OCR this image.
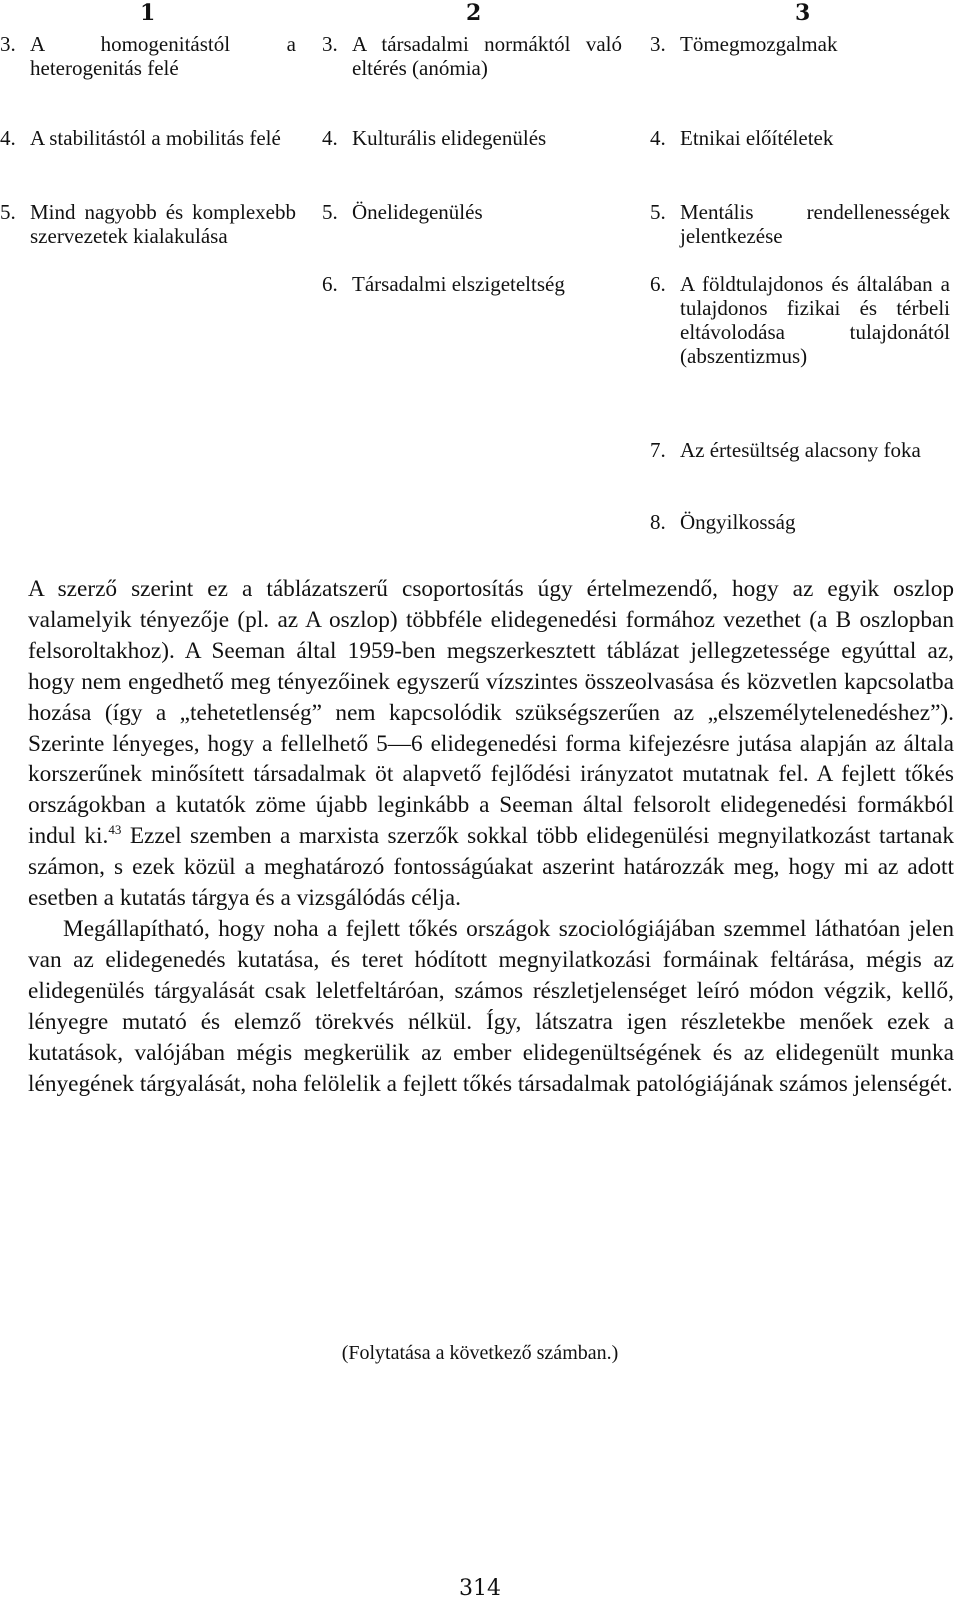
1	2	3
3. A homogenitástól a heterogenitás felé
4. A stabilitástól a mobilitás felé
5. Mind nagyobb és komplexebb szervezetek kialakulása
3. A társadalmi normáktól való eltérés (anómia)
4. Kulturális elidegenülés
5. Önelidegenülés
6. Társadalmi elszigeteltség
3. Tömegmozgalmak
4. Etnikai előítéletek
5. Mentális rendellenességek jelentkezése
6. A földtulajdonos és általában a tulajdonos fizikai és térbeli eltávolodása tulajdonától (abszentizmus)
7. Az értesültség alacsony foka
8. Öngyilkosság

A szerző szerint ez a táblázatszerű csoportosítás úgy értelmezendő, hogy az egyik oszlop valamelyik tényezője (pl. az A oszlop) többféle elidegenedési formához vezethet (a B oszlopban felsoroltakhoz). A Seeman által 1959-ben megszerkesztett táblázat jellegzetessége egyúttal az, hogy nem engedhető meg tényezőinek egyszerű vízszintes összeolvasása és közvetlen kapcsolatba hozása (így a „tehetetlenség” nem kapcsolódik szükségszerűen az „elszemélytelenedéshez”). Szerinte lényeges, hogy a fellelhető 5—6 elidegenedési forma kifejezésre jutása alapján az általa korszerűnek minősített társadalmak öt alapvető fejlődési irányzatot mutatnak fel. A fejlett tőkés országokban a kutatók zöme újabb leginkább a Seeman által felsorolt elidegenedési formákból indul ki.$^{43}$ Ezzel szemben a marxista szerzők sokkal több elidegenülési megnyilatkozást tartanak számon, s ezek közül a meghatározó fontosságúakat aszerint határozzák meg, hogy mi az adott esetben a kutatás tárgya és a vizsgálódás célja.

Megállapítható, hogy noha a fejlett tőkés országok szociológiájában szemmel láthatóan jelen van az elidegenedés kutatása, és teret hódított megnyilatkozási formáinak feltárása, mégis az elidegenülés tárgyalását csak leletfeltáróan, számos részletjelenséget leíró módon végzik, kellő, lényegre mutató és elemző törekvés nélkül. Így, látszatra igen részletekbe menőek ezek a kutatások, valójában mégis megkerülik az ember elidegenültségének és az elidegenült munka lényegének tárgyalását, noha felölelik a fejlett tőkés társadalmak patológiájának számos jelenségét.

(Folytatása a következő számban.)
314
